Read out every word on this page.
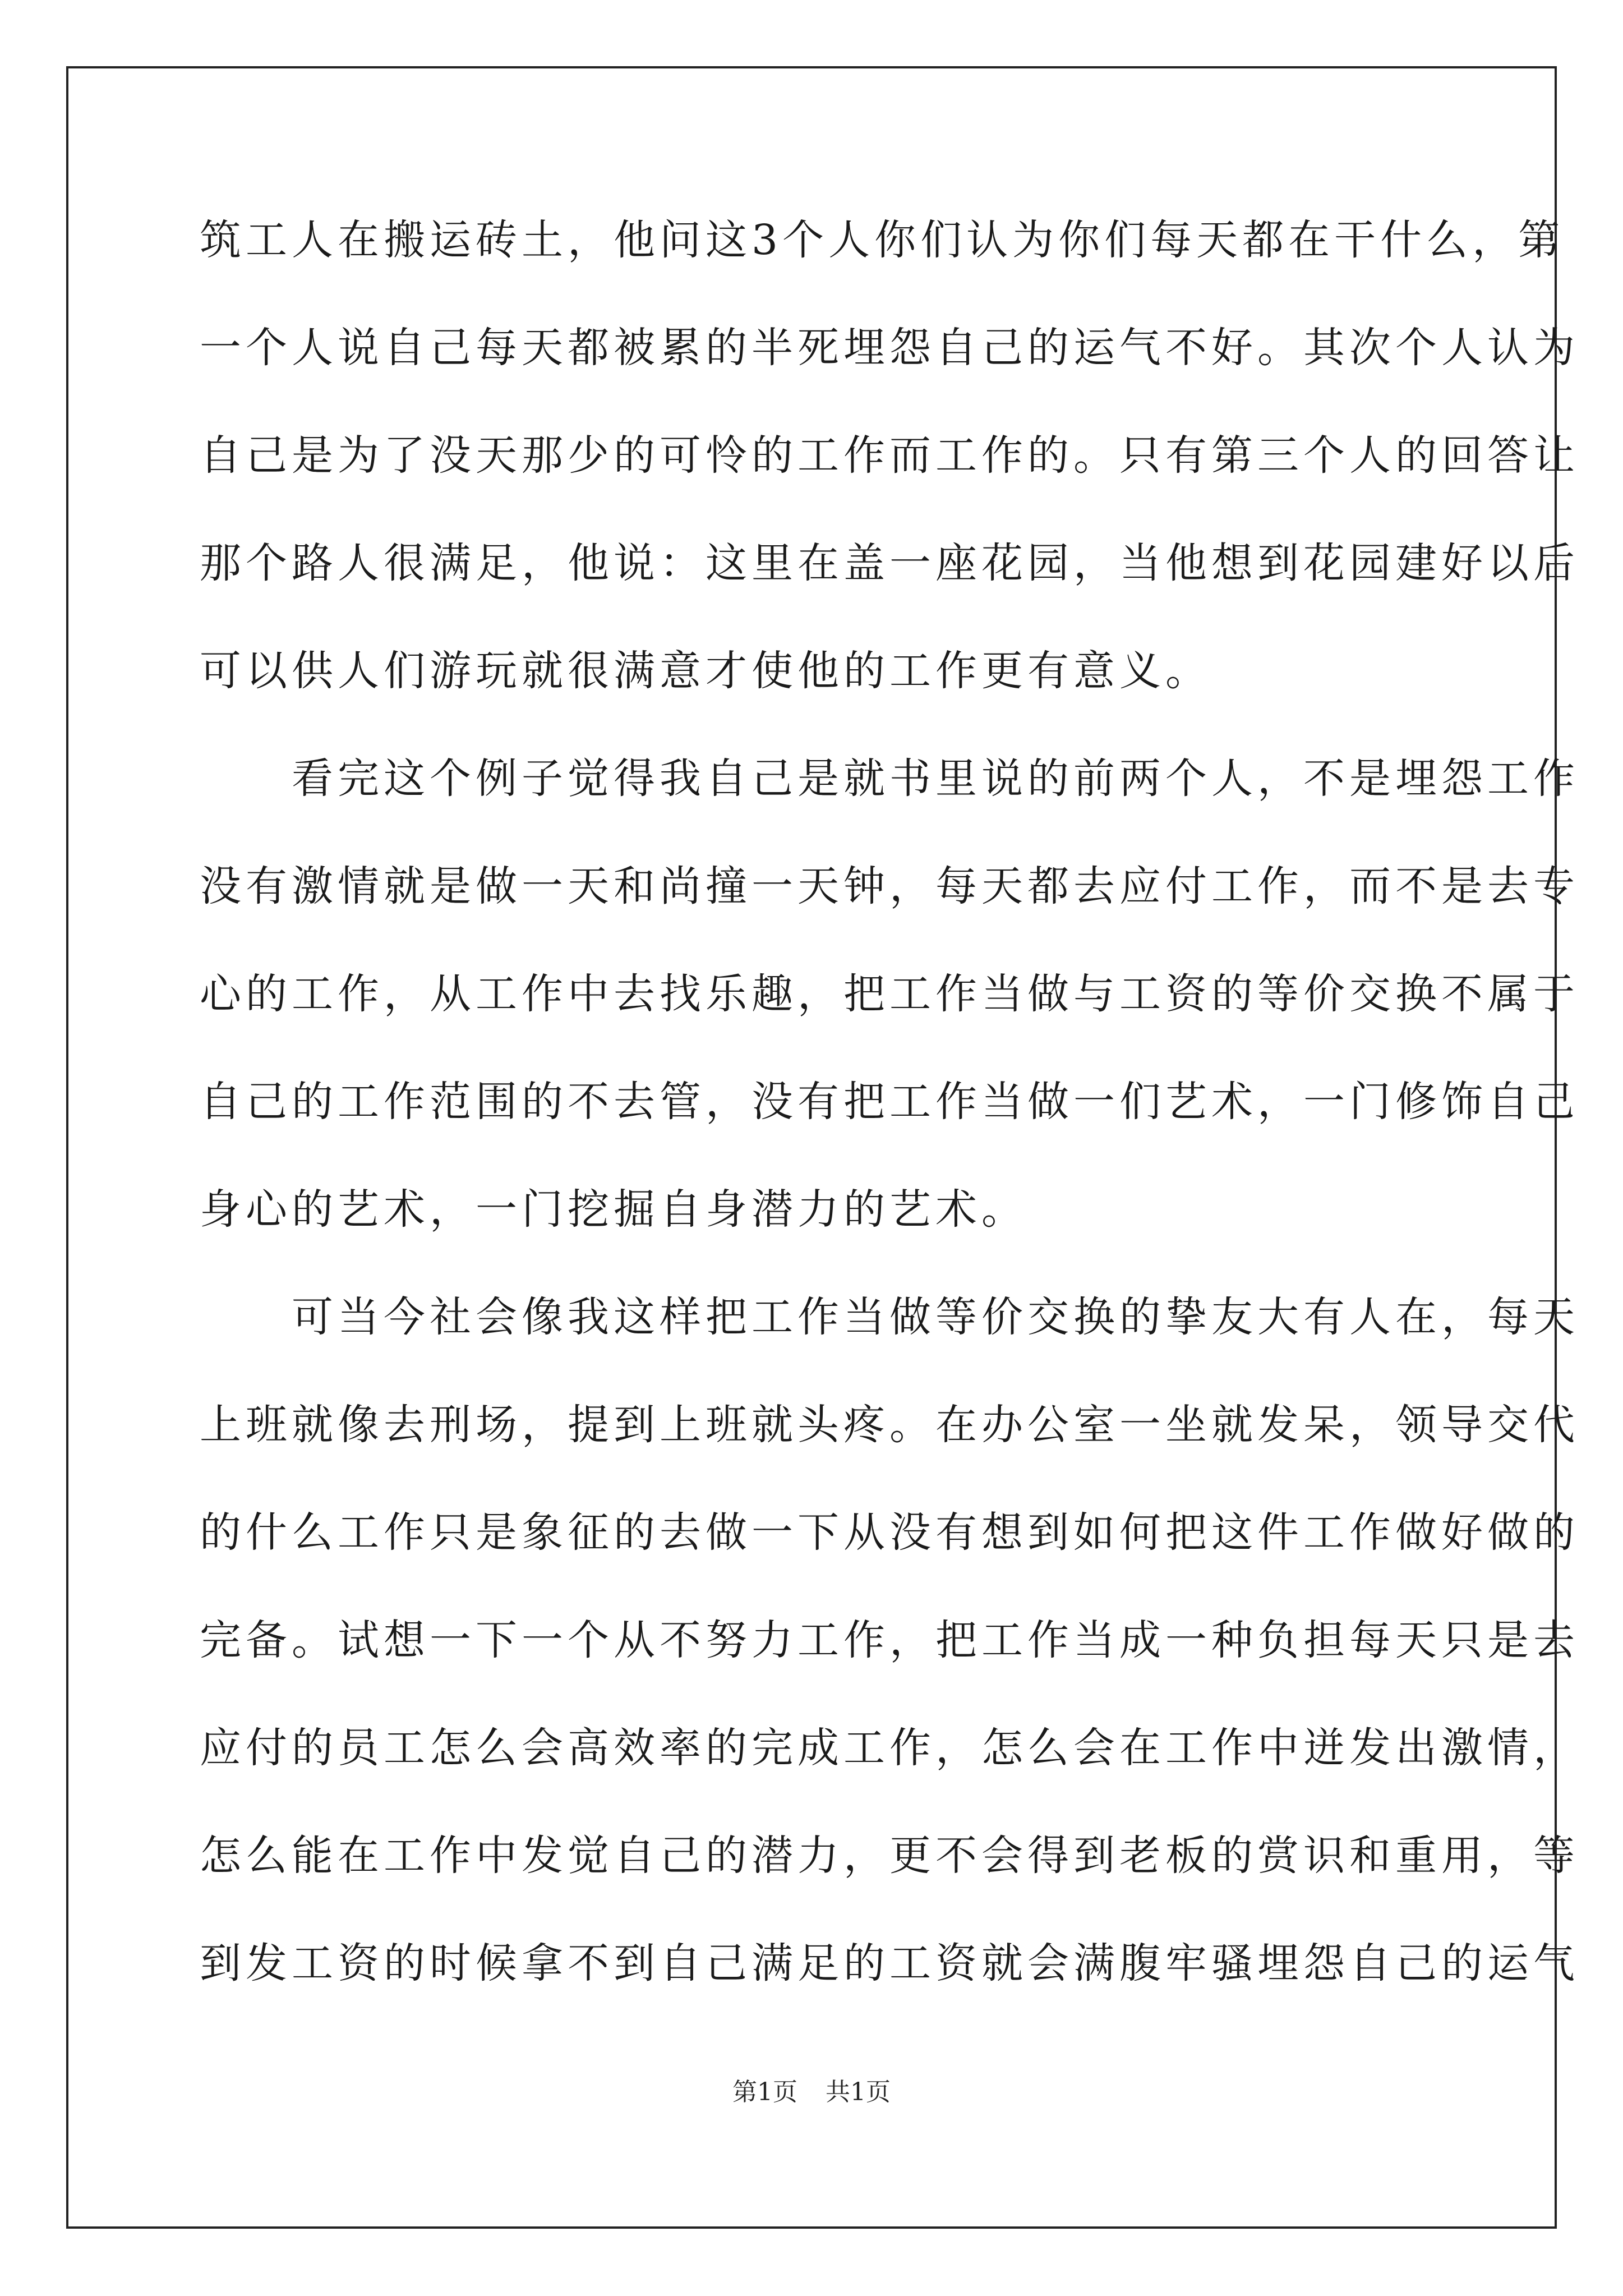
筑工人在搬运砖土，他问这3个人你们认为你们每天都在干什么，第
一个人说自己每天都被累的半死埋怨自己的运气不好。其次个人认为
自己是为了没天那少的可怜的工作而工作的。只有第三个人的回答让
那个路人很满足，他说：这里在盖一座花园，当他想到花园建好以后
可以供人们游玩就很满意才使他的工作更有意义。
　　看完这个例子觉得我自己是就书里说的前两个人，不是埋怨工作
没有激情就是做一天和尚撞一天钟，每天都去应付工作，而不是去专
心的工作，从工作中去找乐趣，把工作当做与工资的等价交换不属于
自己的工作范围的不去管，没有把工作当做一们艺术，一门修饰自己
身心的艺术，一门挖掘自身潜力的艺术。
　　可当今社会像我这样把工作当做等价交换的挚友大有人在，每天
上班就像去刑场，提到上班就头疼。在办公室一坐就发呆，领导交代
的什么工作只是象征的去做一下从没有想到如何把这件工作做好做的
完备。试想一下一个从不努力工作，把工作当成一种负担每天只是去
应付的员工怎么会高效率的完成工作，怎么会在工作中迸发出激情，
怎么能在工作中发觉自己的潜力，更不会得到老板的赏识和重用，等
到发工资的时候拿不到自己满足的工资就会满腹牢骚埋怨自己的运气
第1页 共1页
